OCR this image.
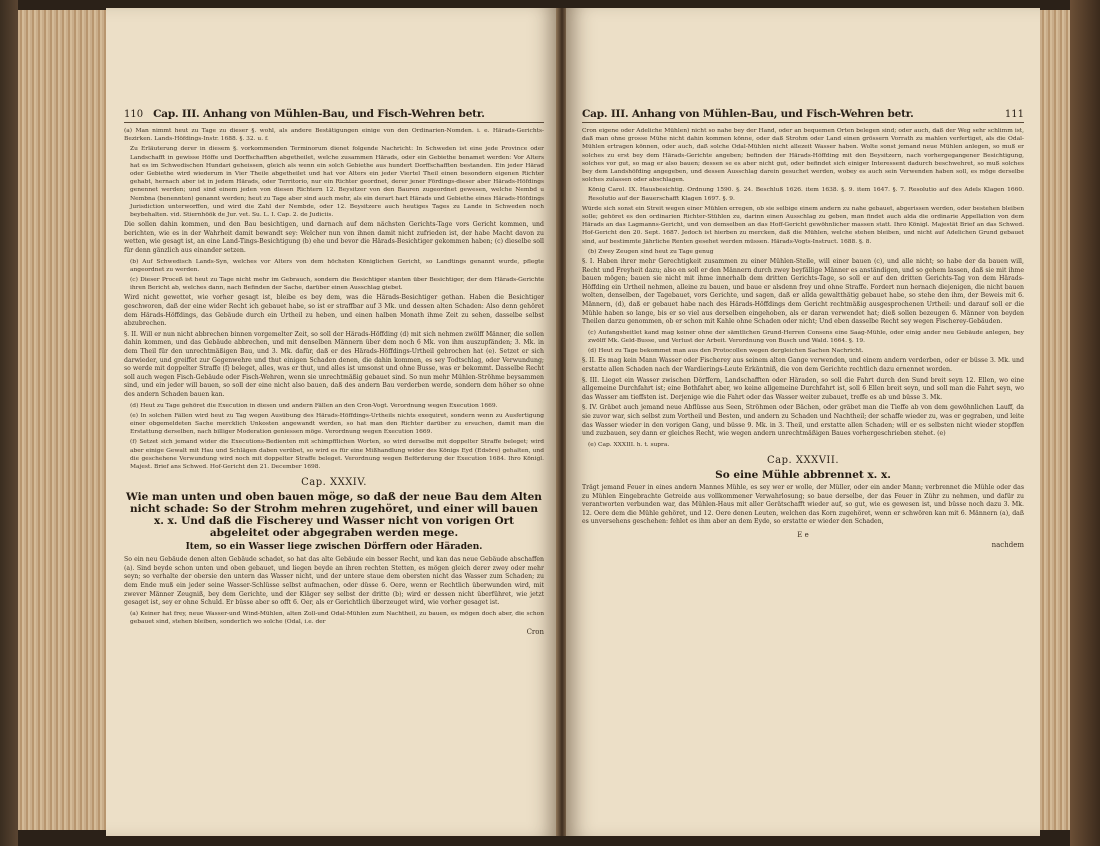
110 Cap. III. Anhang von Mühlen-Bau, und Fisch-Wehren betr.

(a) Man nimmt heut zu Tage zu dieser §. wohl, als andere Bestätigungen einige von den Ordinarien-Nomden. i. e. Härads-Gerichts-Bezirken. Lands-Höfdings-Instr. 1688. §. 32. u. f.

Zu Erläuterung derer in diesem §. vorkommenden Terminorum dienet folgende Nachricht: In Schweden ist eine jede Province oder Landschafft in gewisse Höffe und Dorffschafften abgetheilet, welche zusammen Härads, oder ein Gebiethe benamet werden: Vor Alters hat es im Schwedischen Hundari geheissen, gleich als wenn ein solch Gebiethe aus hundert Dorffschafften bestanden. Ein jeder Härad oder Gebiethe wird wiederum in Vier Theile abgetheilet und hat vor Alters ein jeder Viertel Theil einen besondern eigenen Richter gehabt, hernach aber ist in jedem Härads, oder Territorio, nur ein Richter geordnet, derer jener Fördings-dieser aber Härads-Höfdings genennet werden; und sind einem jeden von diesen Richtern 12. Beysitzer von den Bauren zugeordnet gewesen, welche Nembd u Nembna (benennten) genannt werden; heut zu Tage aber sind auch mehr, als ein derart hart Härads und Gebiethe eines Härads-Höfdings Jurisdiction unterworffen, und wird die Zahl der Nembde, oder 12. Beysitzere auch heutiges Tages zu Lande in Schweden noch beybehalten. vid. Stiernhöök de Jur. vet. Su. L. I. Cap. 2. de Judiciis.

Die sollen dahin kommen, und den Bau besichtigen, und darnach auf dem nächsten Gerichts-Tage vors Gericht kommen, und berichten, wie es in der Wahrheit damit bewandt sey: Welcher nun von ihnen damit nicht zufrieden ist, der habe Macht davon zu wetten, wie gesagt ist, an eine Land-Tings-Besichtigung (b) ehe und bevor die Härads-Besichtiger gekommen haben; (c) dieselbe soll für denn gänzlich aus einander setzen.

(b) Auf Schwedisch Lands-Syn, welches vor Alters von dem höchsten Königlichen Gericht, so Landtings genannt wurde, pflegte angeordnet zu werden.

(c) Dieser Proceß ist heut zu Tage nicht mehr im Gebrauch, sondern die Besichtiger stanten über Besichtiger, der dem Härads-Gerichte ihren Bericht ab, welches dann, nach Befinden der Sache, darüber einen Ausschlag giebet.

Wird nicht gewettet, wie vorher gesagt ist, bleibe es bey dem, was die Härads-Besichtiger gethan. Haben die Besichtiger geschworen, daß der eine wider Recht ich gebauet habe, so ist er straffbar auf 3 Mk. und dessen alten Schaden: Also denn gehöret dem Härads-Höffdings, das Gebäude durch ein Urtheil zu heben, und einen halben Monath ihme Zeit zu sehen, dasselbe selbst abzubrechen.

§. II. Will er nun nicht abbrechen binnen vorgemelter Zeit, so soll der Härads-Höffding (d) mit sich nehmen zwölff Männer, die sollen dahin kommen, und das Gebäude abbrechen, und mit denselben Männern über dem noch 6 Mk. von ihm auszupfänden; 3. Mk. in dem Theil für den unrechtmäßigen Bau, und 3. Mk. dafür, daß er des Härads-Höffdings-Urtheil gebrochen hat (e). Setzet er sich darwieder, und greiffet zur Gegenwehre und thut einigen Schaden denen, die dahin kommen, es sey Todtschlag, oder Verwundung; so werde mit doppelter Straffe (f) beleget, alles, was er thut, und alles ist umsonst und ohne Busse, was er bekommt. Dasselbe Recht soll auch wegen Fisch-Gebäude oder Fisch-Wehren, wenn sie unrechtmäßig gebauet sind. So nun mehr Mühlen-Ströhme beysammen sind, und ein jeder will bauen, so soll der eine nicht also bauen, daß des andern Bau verderben werde, sondern dem höher so ohne des andern Schaden bauen kan.

(d) Heut zu Tage gehöret die Execution in diesen und andern Fällen an den Cron-Vogt. Verordnung wegen Execution 1669.

(e) In solchen Fällen wird heut zu Tag wegen Ausübung des Härads-Höffdings-Urtheils nichts exequiret, sondern wenn zu Ausfertigung einer obgemeldeten Sache mercklich Unkosten angewandt werden, so hat man den Richter darüber zu ersuchen, damit man die Erstattung derselben, nach billiger Moderation geniessen möge. Verordnung wegen Execution 1669.

(f) Setzet sich jemand wider die Executions-Bedienten mit schimpfflichen Worten, so wird derselbe mit doppelter Straffe beleget; wird aber einige Gewalt mit Hau und Schlägen daben verübet, so wird es für eine Mißhandlung wider des Königs Eyd (Edsöre) gehalten, und die geschehene Verwundung wird noch mit doppelter Straffe beleget. Verordnung wegen Beförderung der Execution 1684. Ihro Königl. Majest. Brief ans Schwed. Hof-Gericht den 21. December 1698.

Cap. XXXIV.
Wie man unten und oben bauen möge, so daß der neue Bau dem Alten nicht schade: So der Strohm mehren zugehöret, und einer will bauen x. x. Und daß die Fischerey und Wasser nicht von vorigen Ort abgeleitet oder abgegraben werden mege.
Item, so ein Wasser liege zwischen Dörffern oder Häraden.

So ein neu Gebäude denen alten Gebäude schadet, so hat das alte Gebäude ein besser Recht, und kan das neue Gebäude abschaffen (a). Sind beyde schon unten und oben gebauet, und liegen beyde an ihren rechten Stetten, es mögen gleich derer zwey oder mehr seyn; so verhalte der obersie den untern das Wasser nicht, und der untere staue dem obersten nicht das Wasser zum Schaden; zu dem Ende muß ein jeder seine Wasser-Schlüsse selbst aufmachen, oder düsse 6. Oere, wenn er Rechtlich überwunden wird, mit zwever Männer Zeugniß, bey dem Gerichte, und der Kläger sey selbst der dritte (b); wird er dessen nicht überführet, wie jetzt gesaget ist, sey er ohne Schuld. Er büsse aber so offt 6. Oer, als er Gerichtlich überzeuget wird, wie vorher gesaget ist.

(a) Keiner hat frey, neue Wasser-und Wind-Mühlen, alten Zoll-und Odal-Mühlen zum Nachtheil, zu bauen, es mögen doch aber, die schon gebauet sind, stehen bleiben, sonderlich wo solche (Odal, i.e. der

Cron
Cap. III. Anhang von Mühlen-Bau, und Fisch-Wehren betr.	111

Cron eigene oder Adeliche Mühlen) nicht so nahe bey der Hand, oder an bequemen Orten belegen sind; oder auch, daß der Weg sehr schlimm ist, daß man ohne grosse Mühe nicht dahin kommen könne, oder daß Strohm oder Land einen grössern Vorrath zu mahlen verfertiget, als die Odal-Mühlen ertragen können, oder auch, daß solche Odal-Mühlen nicht allezeit Wasser haben. Wolte sonst jemand neue Mühlen anlegen, so muß er solches zu erst bey dem Härads-Gerichte angeben; befinden der Härads-Höffding mit den Beysitzern, nach vorhergegangener Besichtigung, solches vor gut, so mag er also bauen; dessen se es aber nicht gut, oder befindet sich einiger Interessent dadurch beschwehret, so muß solches bey dem Landshöfding angegeben, und dessen Ausschlag darein gesuchet werden, wobey es auch sein Verwenden haben soll, es möge derselbe solches zulassen oder abschlagen.

König Carol. IX. Hausbesichtig. Ordnung 1590. §. 24. Beschluß 1626. item 1638. §. 9. item 1647. §. 7. Resolutio auf des Adels Klagen 1660. Resolutio auf der Bauerschafft Klagen 1697. §. 9.

Würde sich sonst ein Streit wegen einer Mühlen erregen, ob sie selbige einem andern zu nahe gebauet, abgerissen werden, oder bestehen bleiben solle; gehöret es den ordinarien Richter-Stühlen zu, darinn einen Ausschlag zu geben, man findet auch alda die ordinarie Appellation von dem Härads an das Lagmanns-Gericht, und von demselben an das Hoff-Gericht gewöhnlicher massen statt. Ihro Königl. Majestät Brief an das Schwed. Hof-Gericht den 20. Sept. 1687. Jedoch ist hierben zu mercken, daß die Mühlen, welche stehen bleiben, und nicht auf Adelichen Grund gebauet sind, auf bestimmte Jährliche Renten gesehet werden müssen. Härads-Vogts-Instruct. 1688. §. 8.

(b) Zwey Zeugen sind heut zu Tage genug

§. I. Haben ihrer mehr Gerechtigkeit zusammen zu einer Mühlen-Stelle, will einer bauen (c), und alle nicht; so habe der da bauen will, Recht und Freyheit dazu; also en soll er den Männern durch zwey beyfällige Männer es anständigen, und so gehem lassen, daß sie mit ihme bauen mögen; bauen sie nicht mit ihme innerhalb dem dritten Gerichts-Tage, so soll er auf den dritten Gerichts-Tag von dem Härads-Höffding ein Urtheil nehmen, alleine zu bauen, und baue er alsdenn frey und ohne Straffe. Fordert nun hernach diejenigen, die nicht bauen wolten, denselben, der Tagebauet, vors Gerichte, und sagen, daß er allda gewaltthätig gebauet habe, so stehe den ihm, der Beweis mit 6. Männern, (d), daß er gebauet habe nach des Härads-Höffdings dem Gericht rechtmäßig ausgesprochenen Urtheil: und darauf soll er die Mühle haben so lange, bis er so viel aus derselben eingehoben, als er daran verwendet hat; dieß sollen bezeugen 6. Männer von beyden Theilen darzu genommen, ob er schon mit Kahle ohne Schaden oder nicht; Und eben dasselbe Recht sey wegen Fischerey-Gebäuden.

(c) Aufangsheitlet kand mag keiner ohne der sämtlichen Grund-Herren Consens eine Saag-Mühle, oder einig ander neu Gebäude anlegen, bey zwölff Mk. Geld-Busse, und Verlust der Arbeit. Verordnung von Busch und Wald. 1664. §. 19.

(d) Heut zu Tage bekommet man aus den Protocollen wegen dergleichen Sachen Nachricht.

§. II. Es mag kein Mann Wasser oder Fischerey aus seinem alten Gange verwenden, und einem andern verderben, oder er büsse 3. Mk. und erstatte allen Schaden nach der Wardierings-Leute Erkäntniß, die von dem Gerichte rechtlich dazu ernennet worden.

§. III. Lieget ein Wasser zwischen Dörffern, Landschafften oder Häraden, so soll die Fahrt durch den Sund breit seyn 12. Ellen, wo eine allgemeine Durchfahrt ist; eine Bothfahrt aber, wo keine allgemeine Durchfahrt ist, soll 6 Ellen breit seyn, und soll man die Fahrt seyn, wo das Wasser am tieffsten ist. Derjenige wie die Fahrt oder das Wasser weiter zubauet, treffe es ab und büsse 3. Mk.

§. IV. Gräbet auch jemand neue Abflüsse aus Seen, Ströhmen oder Bächen, oder gräbet man die Tieffe ab von dem gewöhnlichen Lauff, da sie zuvor war, sich selbst zum Vortheil und Besten, und andern zu Schaden und Nachtheil; der schaffe wieder zu, was er gegraben, und leite das Wasser wieder in den vorigen Gang, und büsse 9. Mk. in 3. Theil, und erstatte allen Schaden; will er es selbsten nicht wieder stopffen und zuzbauen, sey dann er gleiches Recht, wie wegen andern unrechtmäßigen Baues vorhergeschrieben stehet. (e)

(e) Cap. XXXIII. h. t. supra.

Cap. XXXVII.
So eine Mühle abbrennet x. x.

Trägt jemand Feuer in eines andern Mannes Mühle, es sey wer er wolle, der Müller, oder ein ander Mann; verbrennet die Mühle oder das zu Mühlen Eingebrachte Getreide aus vollkommener Verwahrlosung; so baue derselbe, der das Feuer in Zühr zu nehmen, und dafür zu verantworten verbunden war, das Mühlen-Haus mit aller Gerätschafft wieder auf, so gut, wie es gewesen ist, und büsse noch dazu 3. Mk. 12. Oere dem die Mühle gehöret, und 12. Oere denen Leuten, welchen das Korn zugehöret, wenn er schwören kan mit 6. Männern (a), daß es unversehens geschehen: fehlet es ihm aber an dem Eyde, so erstatte er wieder den Schaden,

E e
nachdem
